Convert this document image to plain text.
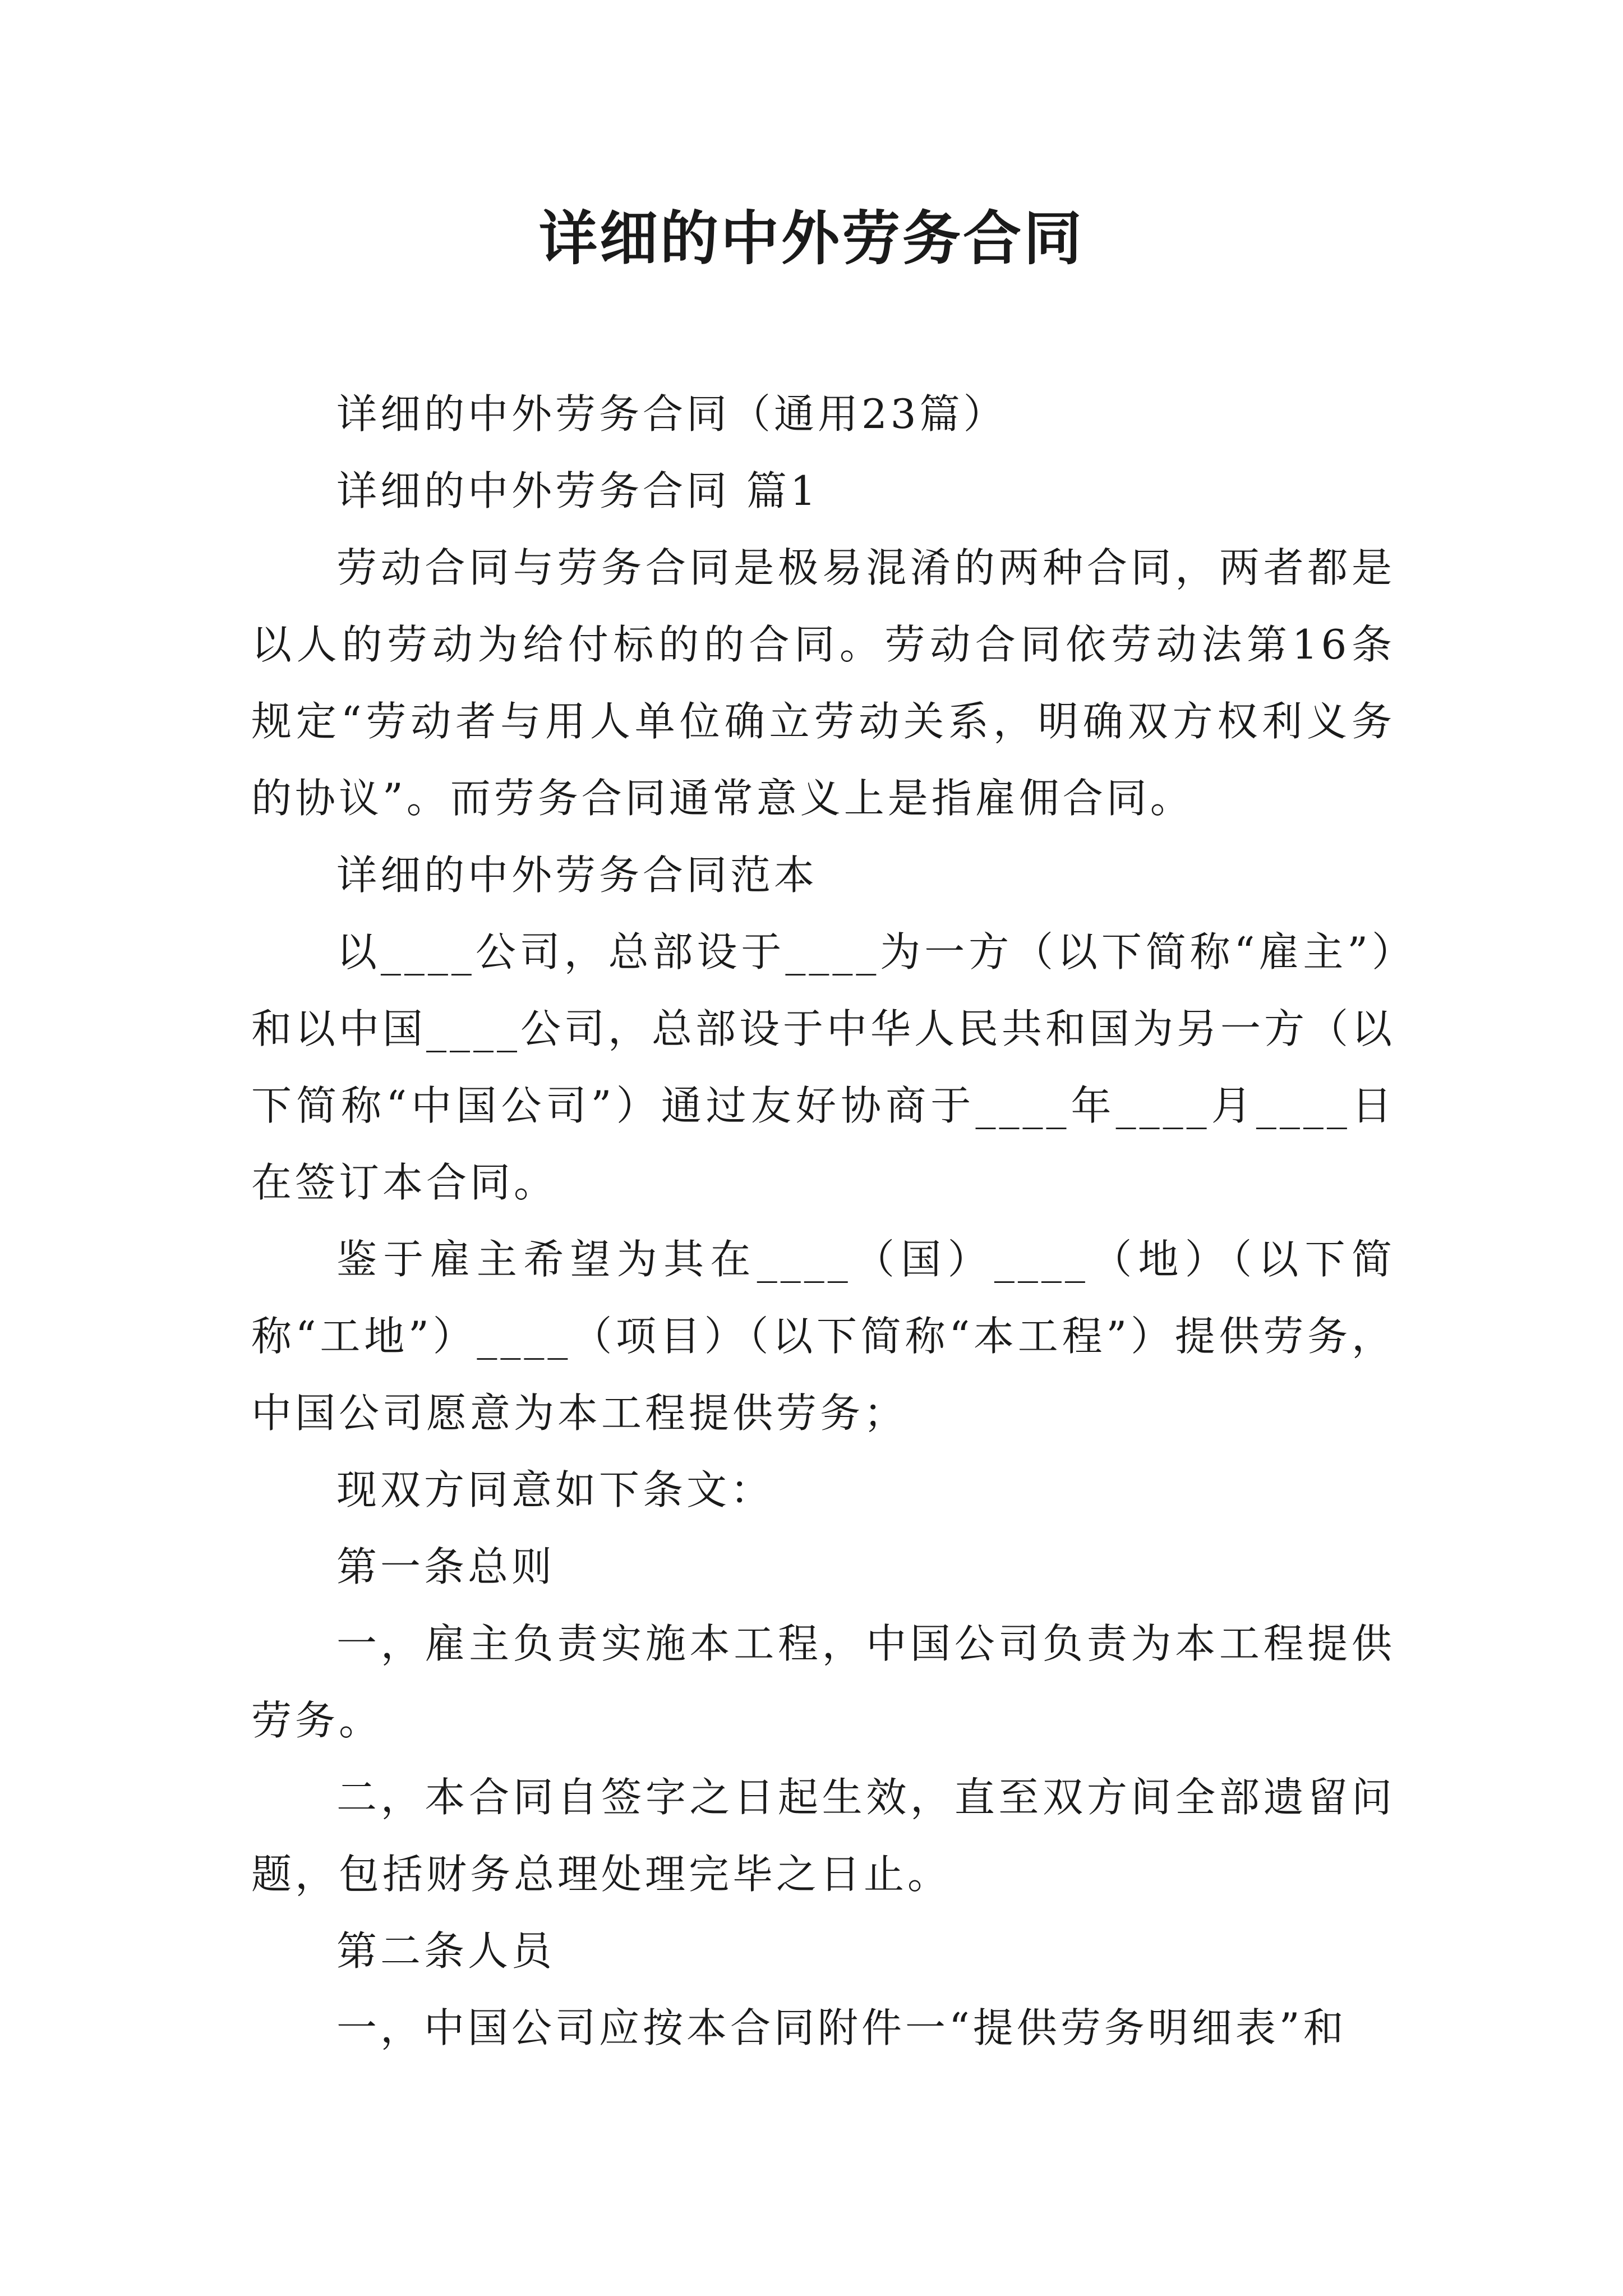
详细的中外劳务合同

详细的中外劳务合同（通用23篇）

详细的中外劳务合同 篇1

劳动合同与劳务合同是极易混淆的两种合同，两者都是以人的劳动为给付标的的合同。劳动合同依劳动法第16条规定“劳动者与用人单位确立劳动关系，明确双方权利义务的协议”。而劳务合同通常意义上是指雇佣合同。

详细的中外劳务合同范本

以____公司，总部设于____为一方（以下简称“雇主”）和以中国____公司，总部设于中华人民共和国为另一方（以下简称“中国公司”）通过友好协商于____年____月____日在签订本合同。

鉴于雇主希望为其在____（国）____（地）（以下简称“工地”）____（项目）（以下简称“本工程”）提供劳务，中国公司愿意为本工程提供劳务；

现双方同意如下条文：

第一条总则

一，雇主负责实施本工程，中国公司负责为本工程提供劳务。

二，本合同自签字之日起生效，直至双方间全部遗留问题，包括财务总理处理完毕之日止。

第二条人员

一，中国公司应按本合同附件一“提供劳务明细表”和
